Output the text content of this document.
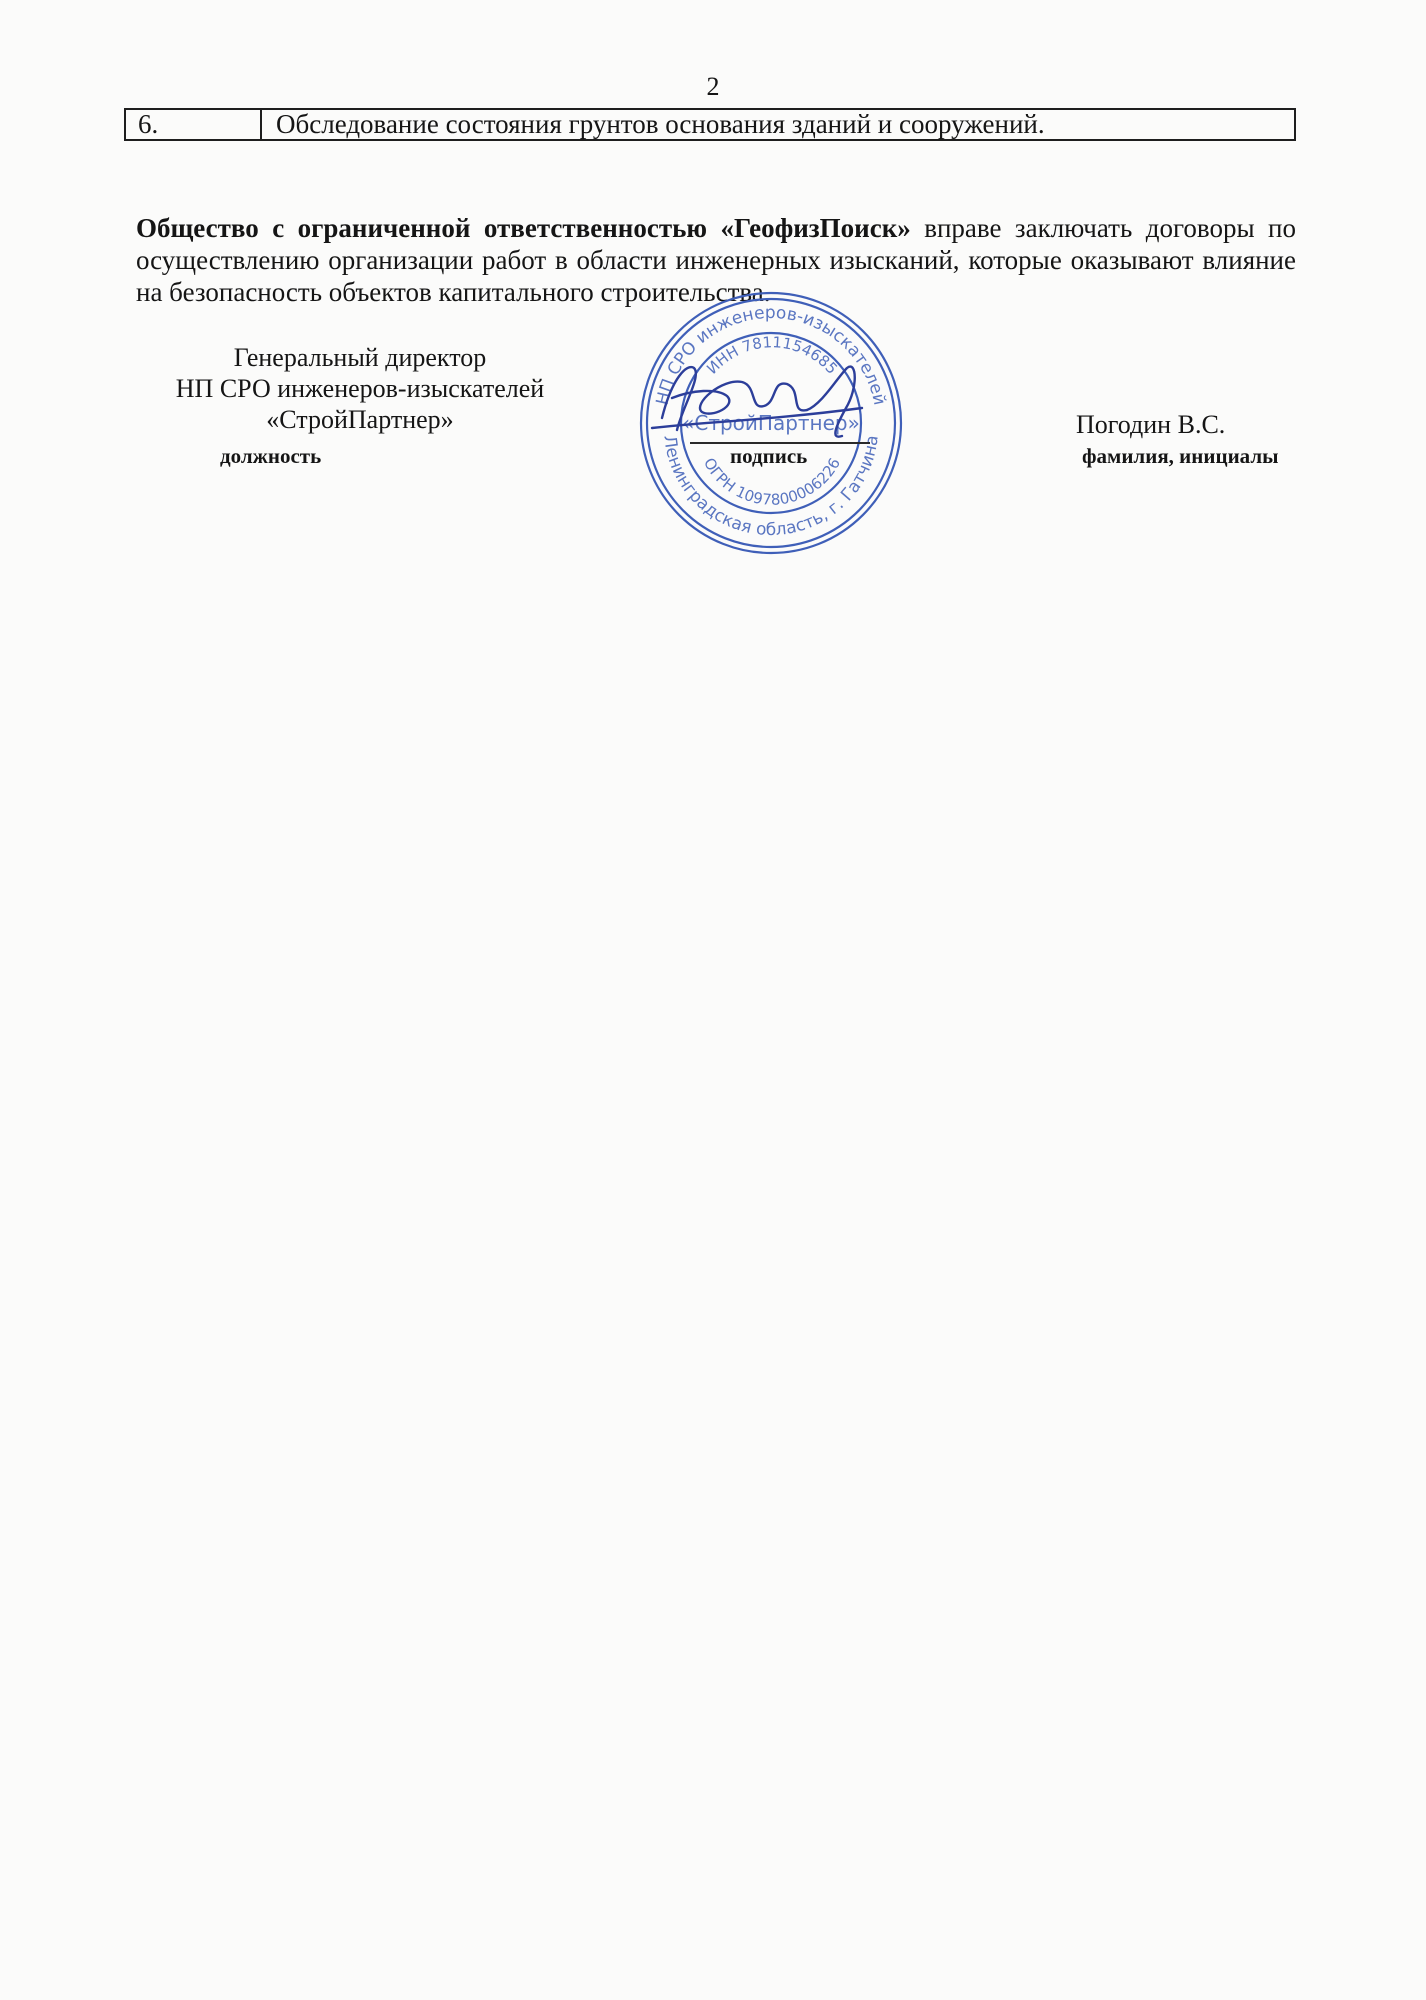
2
6.	Обследование состояния грунтов основания зданий и сооружений.
Общество с ограниченной ответственностью «ГеофизПоиск» вправе заключать договоры по осуществлению организации работ в области инженерных изысканий, которые оказывают влияние на безопасность объектов капитального строительства.
Генеральный директор
НП СРО инженеров-изыскателей
«СтройПартнер»
должность
НП СРО инженеров-изыскателей
Ленинградская область, г. Гатчина
ИНН 7811154685
ОГРН 1097800006226
«СтройПартнер»
подпись
Погодин В.С.
фамилия, инициалы
